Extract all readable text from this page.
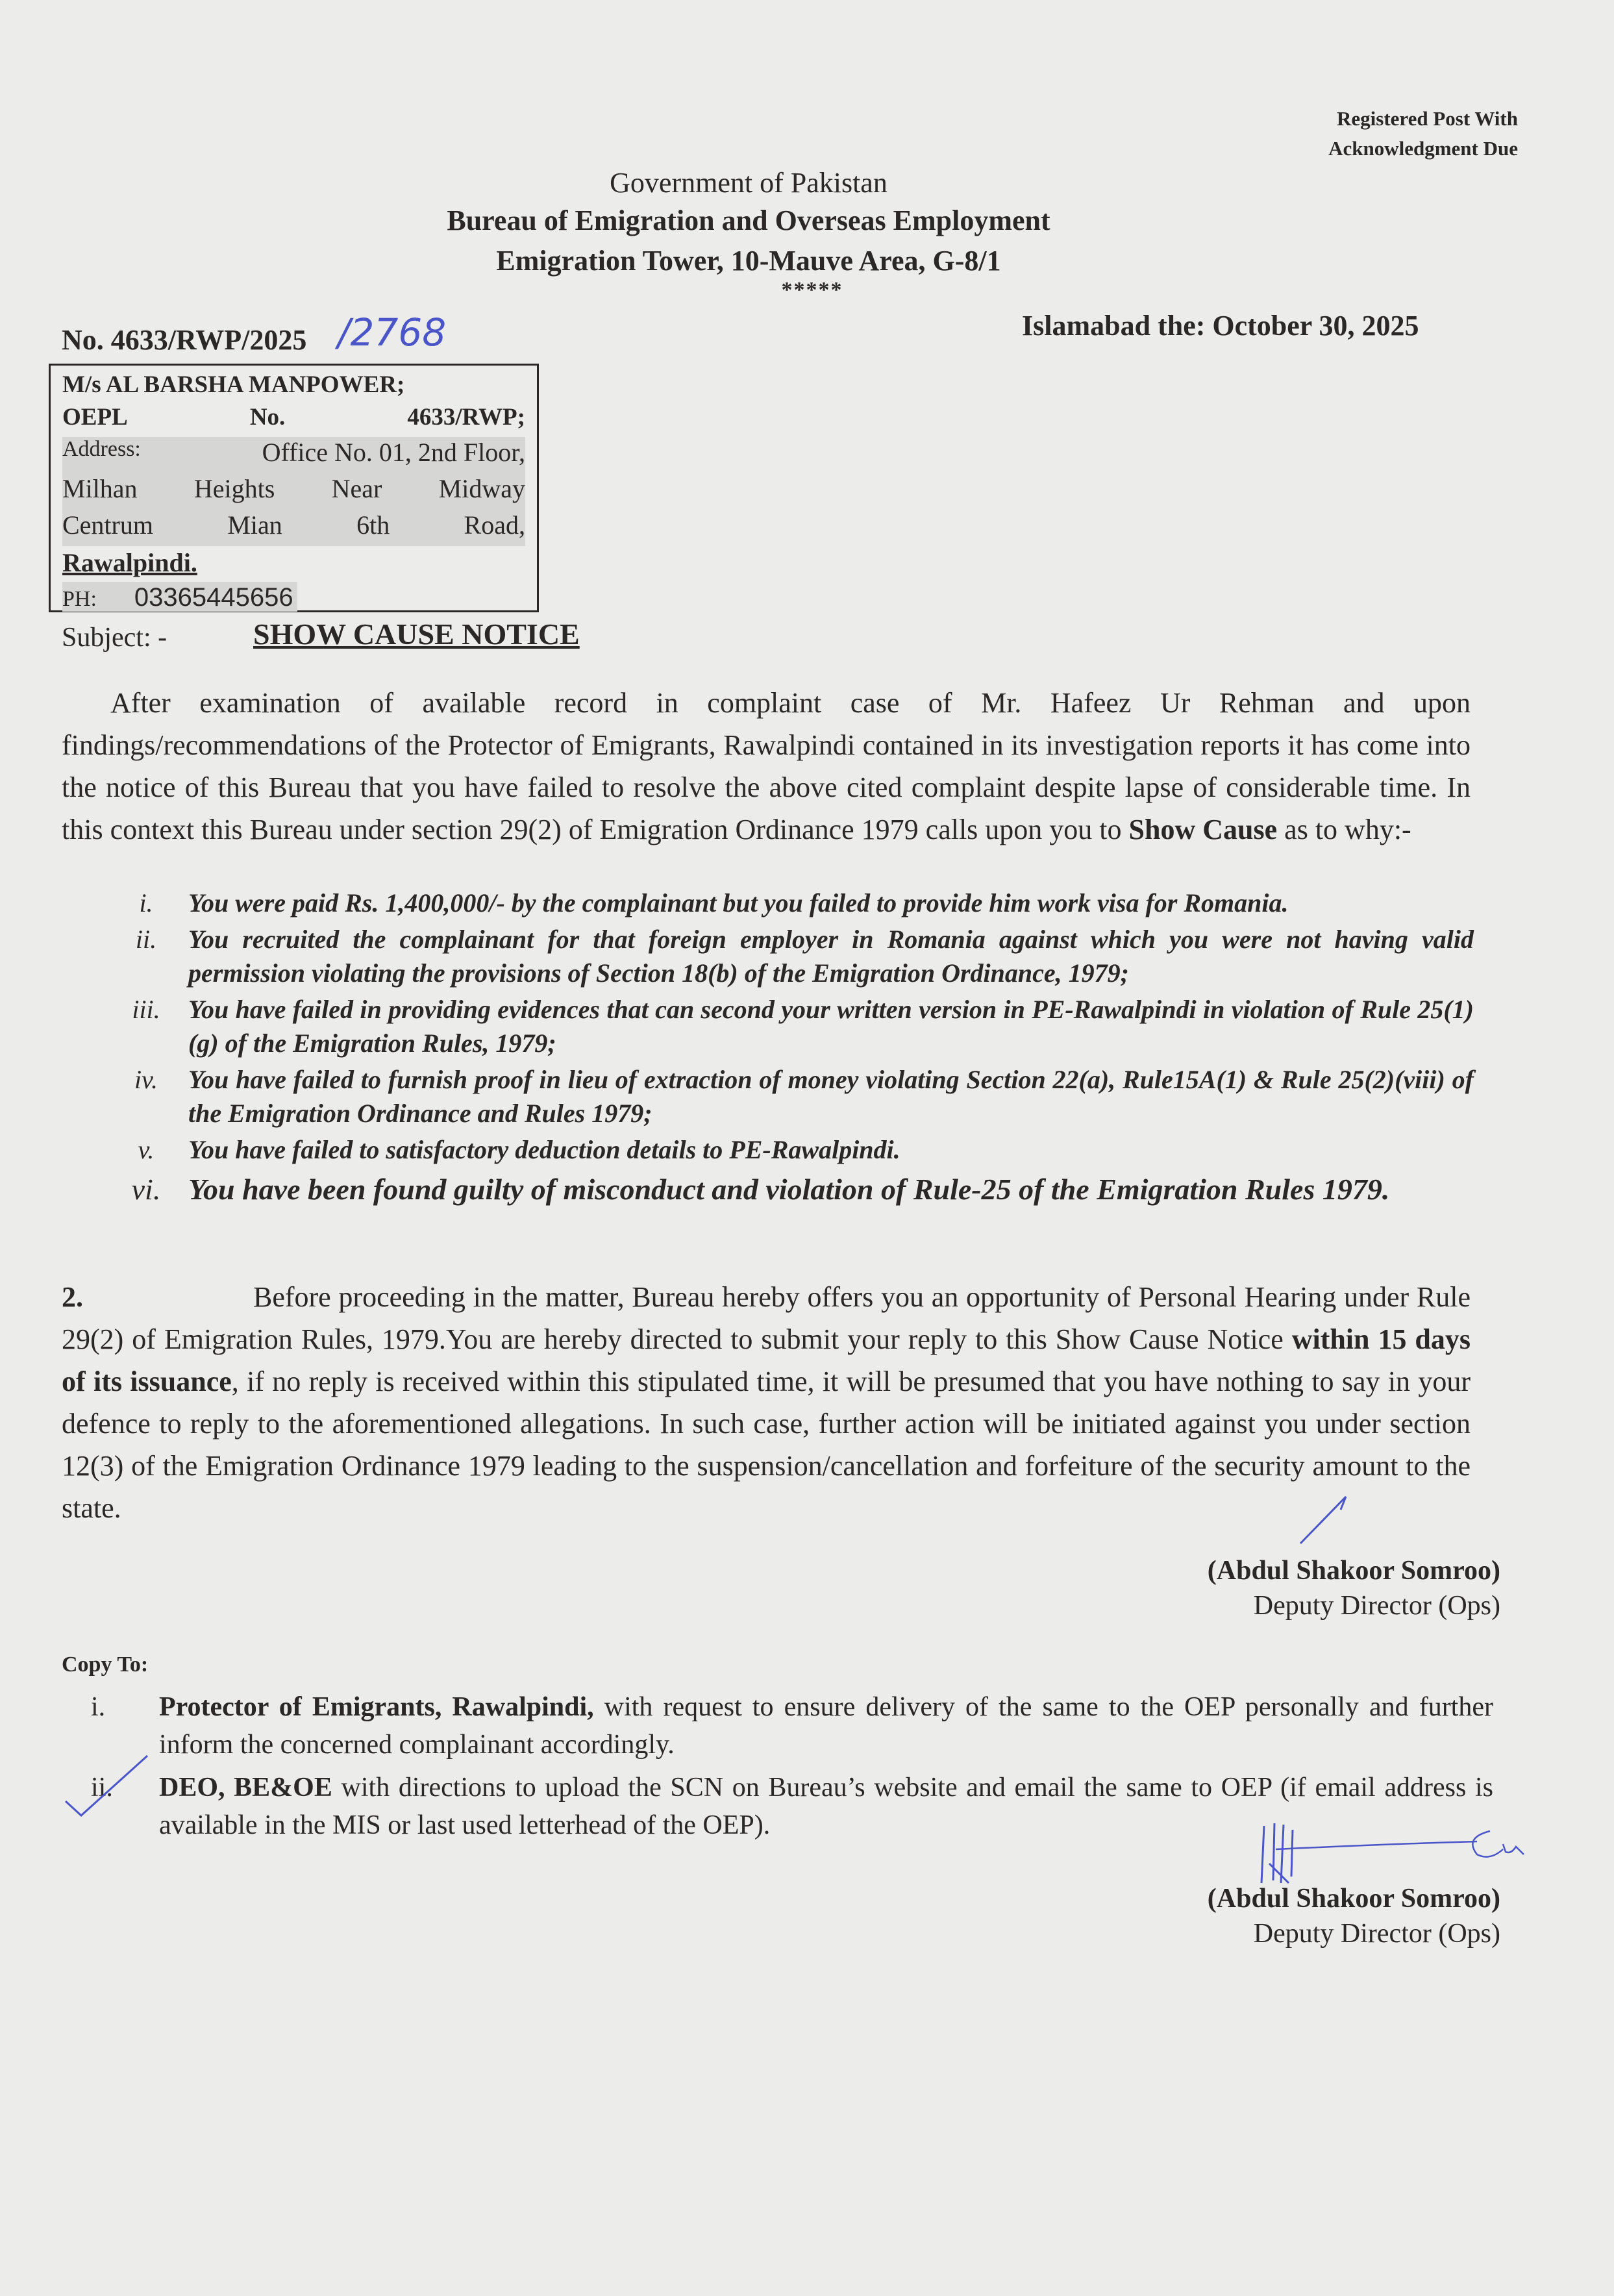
Registered Post With
Acknowledgment Due
Government of Pakistan
Bureau of Emigration and Overseas Employment
Emigration Tower, 10-Mauve Area, G-8/1
*****
No. 4633/RWP/2025 /2768	Islamabad the: October 30, 2025
M/s AL BARSHA MANPOWER;
OEPL	No.	4633/RWP;
Address:	Office No. 01, 2nd Floor,
Milhan Heights Near Midway
Centrum	Mian	6th	Road,
Rawalpindi.
PH: 03365445656
Subject: -	SHOW CAUSE NOTICE
After examination of available record in complaint case of Mr. Hafeez Ur Rehman and upon findings/recommendations of the Protector of Emigrants, Rawalpindi contained in its investigation reports it has come into the notice of this Bureau that you have failed to resolve the above cited complaint despite lapse of considerable time. In this context this Bureau under section 29(2) of Emigration Ordinance 1979 calls upon you to Show Cause as to why:-
i.	You were paid Rs. 1,400,000/- by the complainant but you failed to provide him work visa for Romania.
ii.	You recruited the complainant for that foreign employer in Romania against which you were not having valid permission violating the provisions of Section 18(b) of the Emigration Ordinance, 1979;
iii.	You have failed in providing evidences that can second your written version in PE-Rawalpindi in violation of Rule 25(1)(g) of the Emigration Rules, 1979;
iv.	You have failed to furnish proof in lieu of extraction of money violating Section 22(a), Rule15A(1) & Rule 25(2)(viii) of the Emigration Ordinance and Rules 1979;
v.	You have failed to satisfactory deduction details to PE-Rawalpindi.
vi. You have been found guilty of misconduct and violation of Rule-25 of the Emigration Rules 1979.
2.	Before proceeding in the matter, Bureau hereby offers you an opportunity of Personal Hearing under Rule 29(2) of Emigration Rules, 1979.You are hereby directed to submit your reply to this Show Cause Notice within 15 days of its issuance, if no reply is received within this stipulated time, it will be presumed that you have nothing to say in your defence to reply to the aforementioned allegations. In such case, further action will be initiated against you under section 12(3) of the Emigration Ordinance 1979 leading to the suspension/cancellation and forfeiture of the security amount to the state.
(Abdul Shakoor Somroo)
Deputy Director (Ops)
Copy To:
i.	Protector of Emigrants, Rawalpindi, with request to ensure delivery of the same to the OEP personally and further inform the concerned complainant accordingly.
ii.	DEO, BE&OE with directions to upload the SCN on Bureau’s website and email the same to OEP (if email address is available in the MIS or last used letterhead of the OEP).
(Abdul Shakoor Somroo)
Deputy Director (Ops)
